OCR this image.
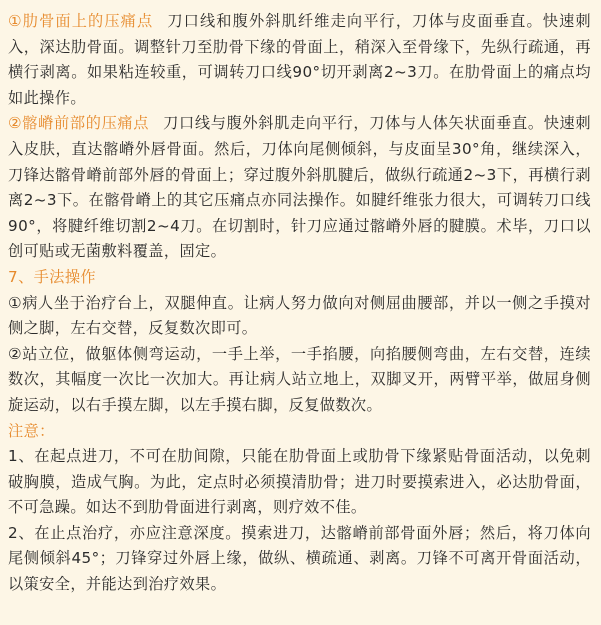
①肋骨面上的压痛点 刀口线和腹外斜肌纤维走向平行，刀体与皮面垂直。快速刺入，深达肋骨面。调整针刀至肋骨下缘的骨面上，稍深入至骨缘下，先纵行疏通，再横行剥离。如果粘连较重，可调转刀口线90°切开剥离2~3刀。在肋骨面上的痛点均如此操作。

②髂嵴前部的压痛点 刀口线与腹外斜肌走向平行，刀体与人体矢状面垂直。快速刺入皮肤，直达髂嵴外唇骨面。然后，刀体向尾侧倾斜，与皮面呈30°角，继续深入，刀锋达髂骨嵴前部外唇的骨面上；穿过腹外斜肌腱后，做纵行疏通2~3下，再横行剥离2~3下。在髂骨嵴上的其它压痛点亦同法操作。如腱纤维张力很大，可调转刀口线90°，将腱纤维切割2~4刀。在切割时，针刀应通过髂嵴外唇的腱膜。术毕，刀口以创可贴或无菌敷料覆盖，固定。

7、手法操作

①病人坐于治疗台上，双腿伸直。让病人努力做向对侧屈曲腰部，并以一侧之手摸对侧之脚，左右交替，反复数次即可。

②站立位，做躯体侧弯运动，一手上举，一手掐腰，向掐腰侧弯曲，左右交替，连续数次，其幅度一次比一次加大。再让病人站立地上，双脚叉开，两臂平举，做屈身侧旋运动，以右手摸左脚，以左手摸右脚，反复做数次。

注意：

1、在起点进刀，不可在肋间隙，只能在肋骨面上或肋骨下缘紧贴骨面活动，以免刺破胸膜，造成气胸。为此，定点时必须摸清肋骨；进刀时要摸索进入，必达肋骨面，不可急躁。如达不到肋骨面进行剥离，则疗效不佳。

2、在止点治疗，亦应注意深度。摸索进刀，达髂嵴前部骨面外唇；然后，将刀体向尾侧倾斜45°；刀锋穿过外唇上缘，做纵、横疏通、剥离。刀锋不可离开骨面活动，以策安全，并能达到治疗效果。
